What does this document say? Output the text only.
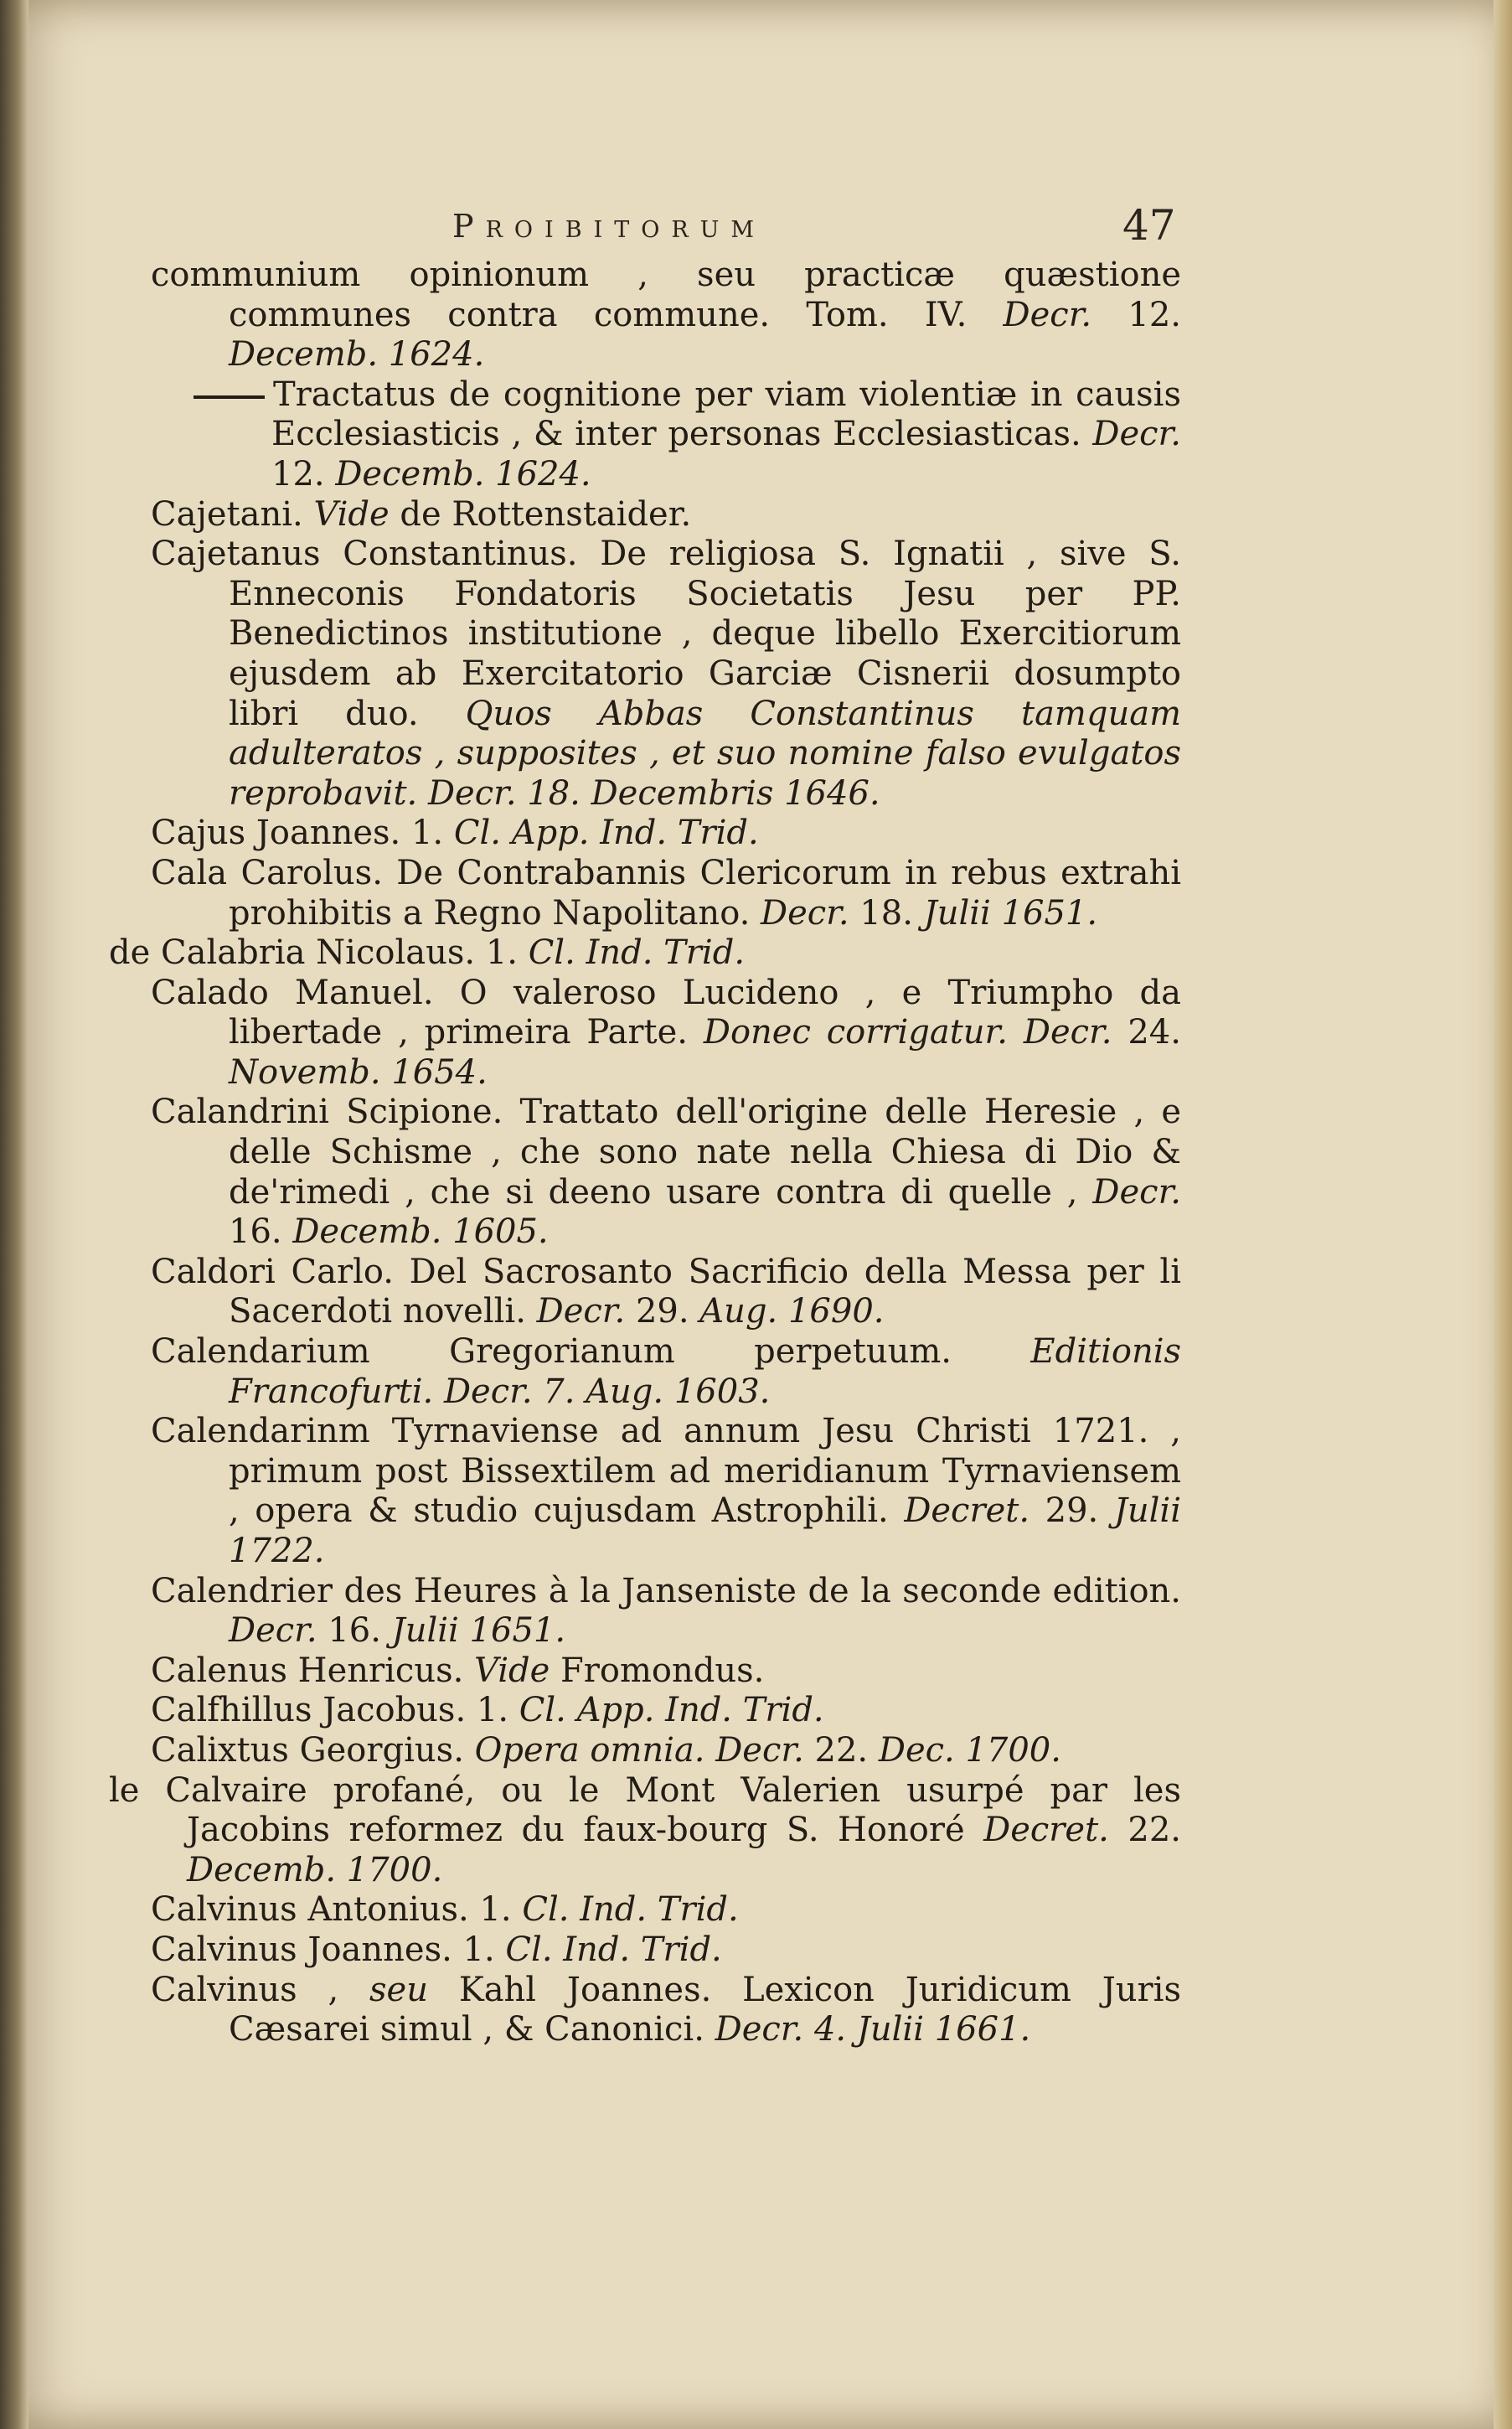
Proibitorum	47

communium opinionum , seu practicæ quæstione communes contra commune. Tom. IV. Decr. 12. Decemb. 1624.

Tractatus de cognitione per viam violentiæ in causis Ecclesiasticis , & inter personas Ecclesiasticas. Decr. 12. Decemb. 1624.

Cajetani. Vide de Rottenstaider.

Cajetanus Constantinus. De religiosa S. Ignatii , sive S. Enneconis Fondatoris Societatis Jesu per PP. Benedictinos institutione , deque libello Exercitiorum ejusdem ab Exercitatorio Garciæ Cisnerii dosumpto libri duo. Quos Abbas Constantinus tamquam adulteratos , supposites , et suo nomine falso evulgatos reprobavit. Decr. 18. Decembris 1646.

Cajus Joannes. 1. Cl. App. Ind. Trid.

Cala Carolus. De Contrabannis Clericorum in rebus extrahi prohibitis a Regno Napolitano. Decr. 18. Julii 1651.

de Calabria Nicolaus. 1. Cl. Ind. Trid.

Calado Manuel. O valeroso Lucideno , e Triumpho da libertade , primeira Parte. Donec corrigatur. Decr. 24. Novemb. 1654.

Calandrini Scipione. Trattato dell'origine delle Heresie , e delle Schisme , che sono nate nella Chiesa di Dio & de'rimedi , che si deeno usare contra di quelle , Decr. 16. Decemb. 1605.

Caldori Carlo. Del Sacrosanto Sacrificio della Messa per li Sacerdoti novelli. Decr. 29. Aug. 1690.

Calendarium Gregorianum perpetuum. Editionis Francofurti. Decr. 7. Aug. 1603.

Calendarinm Tyrnaviense ad annum Jesu Christi 1721. , primum post Bissextilem ad meridianum Tyrnaviensem , opera & studio cujusdam Astrophili. Decret. 29. Julii 1722.

Calendrier des Heures à la Janseniste de la seconde edition. Decr. 16. Julii 1651.

Calenus Henricus. Vide Fromondus.

Calfhillus Jacobus. 1. Cl. App. Ind. Trid.

Calixtus Georgius. Opera omnia. Decr. 22. Dec. 1700.

le Calvaire profané, ou le Mont Valerien usurpé par les Jacobins reformez du faux-bourg S. Honoré Decret. 22. Decemb. 1700.

Calvinus Antonius. 1. Cl. Ind. Trid.

Calvinus Joannes. 1. Cl. Ind. Trid.

Calvinus , seu Kahl Joannes. Lexicon Juridicum Juris Cæsarei simul , & Canonici. Decr. 4. Julii 1661.
